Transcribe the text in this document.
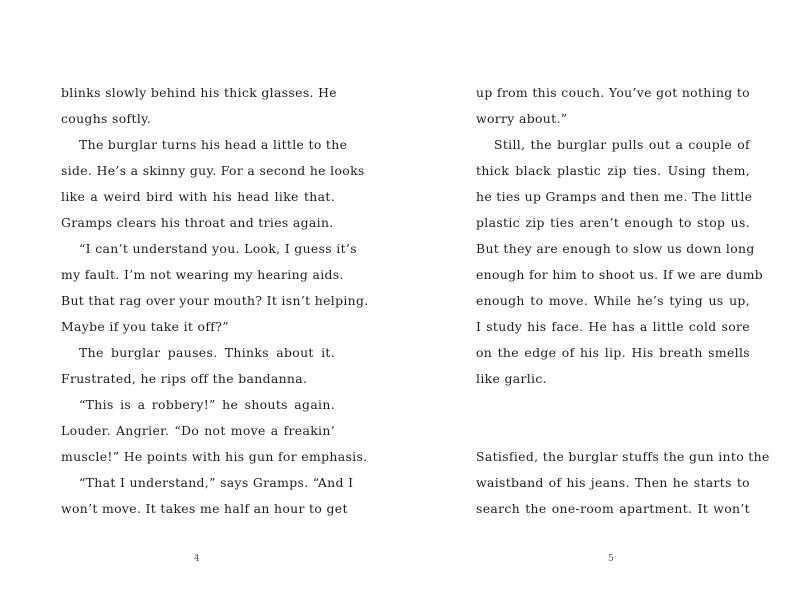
blinks slowly behind his thick glasses. He
coughs softly.
The burglar turns his head a little to the
side. He’s a skinny guy. For a second he looks
like a weird bird with his head like that.
Gramps clears his throat and tries again.
“I can’t understand you. Look, I guess it’s
my fault. I’m not wearing my hearing aids.
But that rag over your mouth? It isn’t helping.
Maybe if you take it off?”
The burglar pauses. Thinks about it.
Frustrated, he rips off the bandanna.
“This is a robbery!” he shouts again.
Louder. Angrier. “Do not move a freakin’
muscle!” He points with his gun for emphasis.
“That I understand,” says Gramps. “And I
won’t move. It takes me half an hour to get
up from this couch. You’ve got nothing to
worry about.”
Still, the burglar pulls out a couple of
thick black plastic zip ties. Using them,
he ties up Gramps and then me. The little
plastic zip ties aren’t enough to stop us.
But they are enough to slow us down long
enough for him to shoot us. If we are dumb
enough to move. While he’s tying us up,
I study his face. He has a little cold sore
on the edge of his lip. His breath smells
like garlic.
Satisfied, the burglar stuffs the gun into the
waistband of his jeans. Then he starts to
search the one-room apartment. It won’t
4	5
